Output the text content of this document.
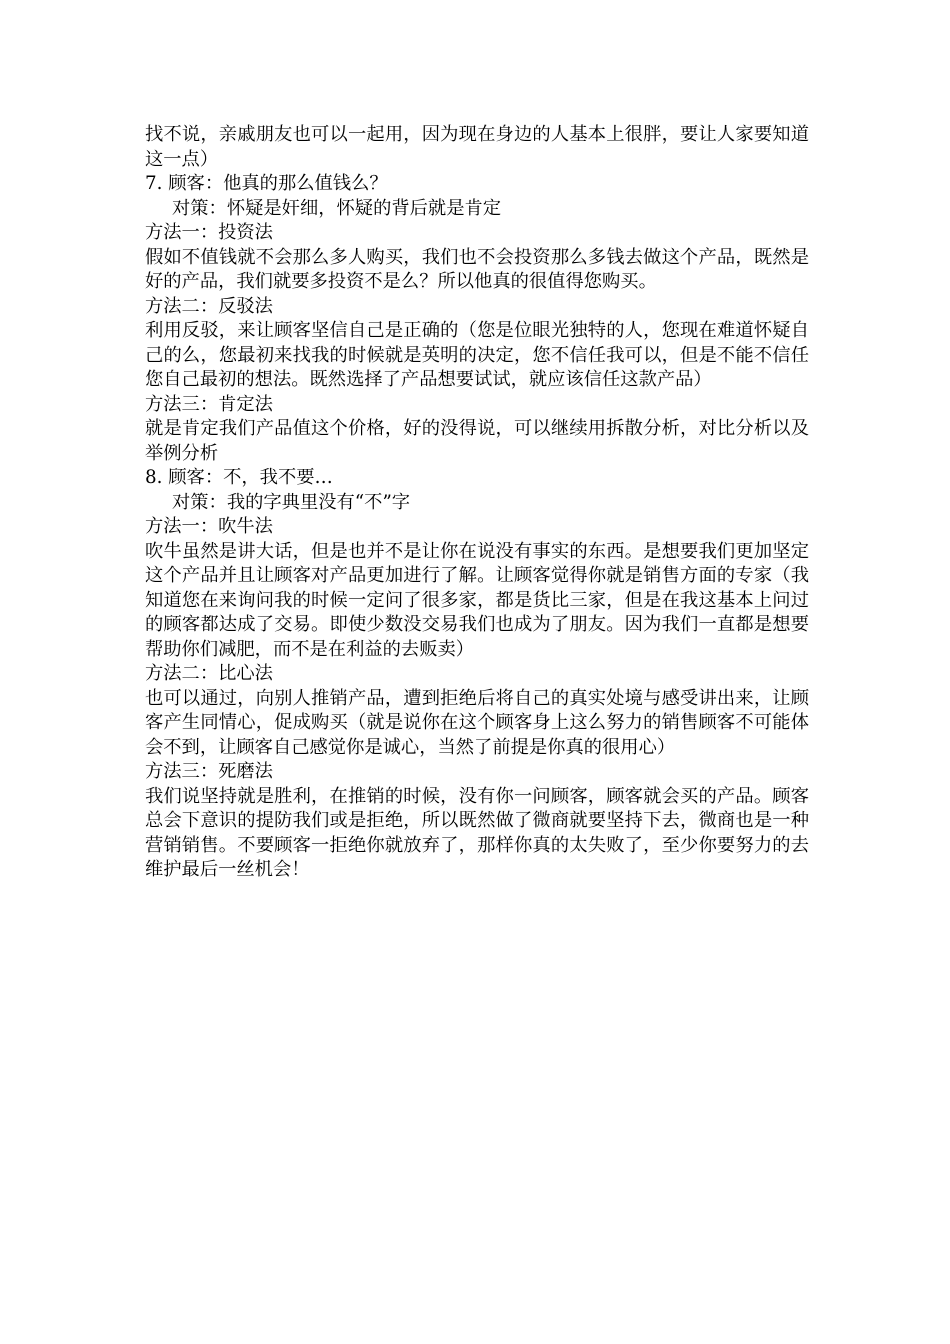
找不说，亲戚朋友也可以一起用，因为现在身边的人基本上很胖，要让人家要知道这一点）

7. 顾客：他真的那么值钱么？

对策：怀疑是奸细，怀疑的背后就是肯定

方法一：投资法

假如不值钱就不会那么多人购买，我们也不会投资那么多钱去做这个产品，既然是好的产品，我们就要多投资不是么？所以他真的很值得您购买。

方法二：反驳法

利用反驳，来让顾客坚信自己是正确的（您是位眼光独特的人，您现在难道怀疑自己的么，您最初来找我的时候就是英明的决定，您不信任我可以，但是不能不信任您自己最初的想法。既然选择了产品想要试试，就应该信任这款产品）

方法三：肯定法

就是肯定我们产品值这个价格，好的没得说，可以继续用拆散分析，对比分析以及举例分析

8. 顾客：不，我不要…

对策：我的字典里没有“不”字

方法一：吹牛法

吹牛虽然是讲大话，但是也并不是让你在说没有事实的东西。是想要我们更加坚定这个产品并且让顾客对产品更加进行了解。让顾客觉得你就是销售方面的专家（我知道您在来询问我的时候一定问了很多家，都是货比三家，但是在我这基本上问过的顾客都达成了交易。即使少数没交易我们也成为了朋友。因为我们一直都是想要帮助你们减肥，而不是在利益的去贩卖）

方法二：比心法

也可以通过，向别人推销产品，遭到拒绝后将自己的真实处境与感受讲出来，让顾客产生同情心，促成购买（就是说你在这个顾客身上这么努力的销售顾客不可能体会不到，让顾客自己感觉你是诚心，当然了前提是你真的很用心）

方法三：死磨法

我们说坚持就是胜利，在推销的时候，没有你一问顾客，顾客就会买的产品。顾客总会下意识的提防我们或是拒绝，所以既然做了微商就要坚持下去，微商也是一种营销销售。不要顾客一拒绝你就放弃了，那样你真的太失败了，至少你要努力的去维护最后一丝机会！
